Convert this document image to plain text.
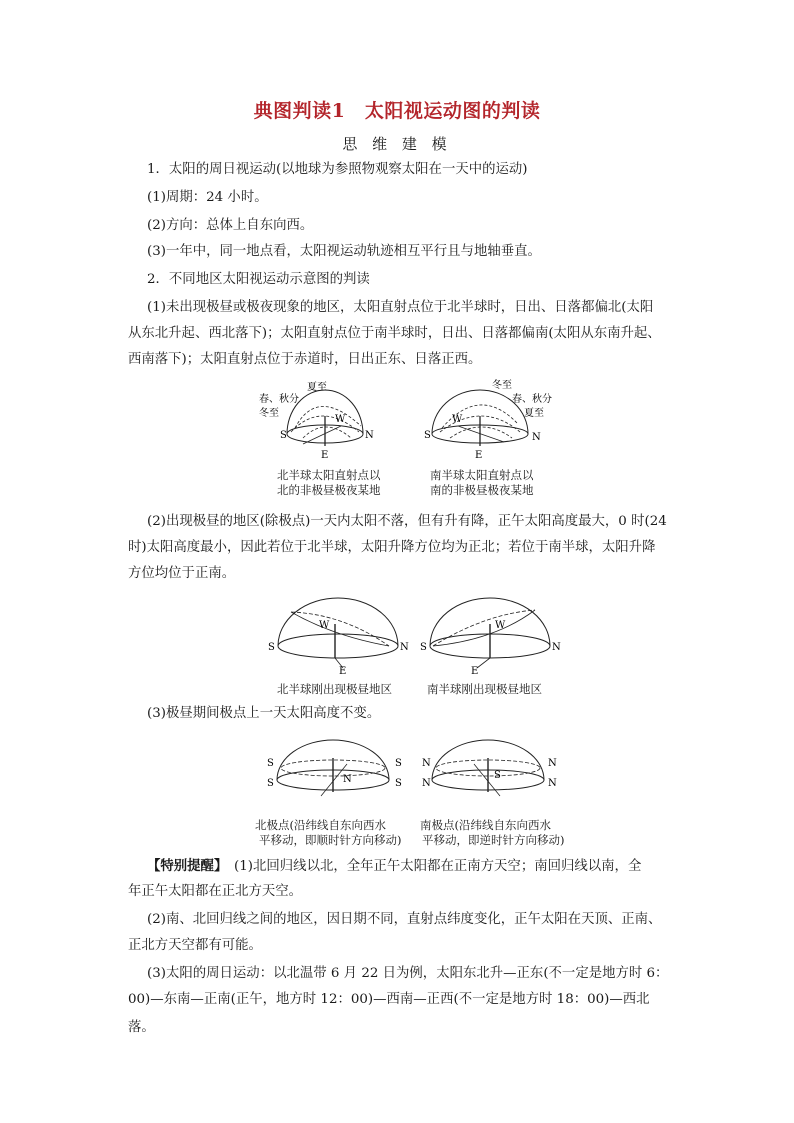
典图判读1　太阳视运动图的判读
思 维 建 模

1．太阳的周日视运动(以地球为参照物观察太阳在一天中的运动)

(1)周期：24 小时。

(2)方向：总体上自东向西。

(3)一年中，同一地点看，太阳视运动轨迹相互平行且与地轴垂直。

2．不同地区太阳视运动示意图的判读

(1)未出现极昼或极夜现象的地区，太阳直射点位于北半球时，日出、日落都偏北(太阳

从东北升起、西北落下)；太阳直射点位于南半球时，日出、日落都偏南(太阳从东南升起、

西南落下)；太阳直射点位于赤道时，日出正东、日落正西。

夏至
春、秋分
冬至
S
W
N
E
北半球太阳直射点以
北的非极昼极夜某地
冬至
春、秋分
夏至
S
W
N
E
南半球太阳直射点以
南的非极昼极夜某地

(2)出现极昼的地区(除极点)一天内太阳不落，但有升有降，正午太阳高度最大，0 时(24

时)太阳高度最小，因此若位于北半球，太阳升降方位均为正北；若位于南半球，太阳升降

方位均位于正南。

S
W
N
E
北半球刚出现极昼地区
S
W
N
E
南半球刚出现极昼地区

(3)极昼期间极点上一天太阳高度不变。

S
S
S
S
N
北极点(沿纬线自东向西水
平移动，即顺时针方向移动)
N
N
N
N
S
南极点(沿纬线自东向西水
平移动，即逆时针方向移动)

【特别提醒】　(1)北回归线以北，全年正午太阳都在正南方天空；南回归线以南，全

年正午太阳都在正北方天空。

(2)南、北回归线之间的地区，因日期不同，直射点纬度变化，正午太阳在天顶、正南、

正北方天空都有可能。

(3)太阳的周日运动：以北温带 6 月 22 日为例，太阳东北升—正东(不一定是地方时 6：

00)—东南—正南(正午，地方时 12：00)—西南—正西(不一定是地方时 18：00)—西北落。
